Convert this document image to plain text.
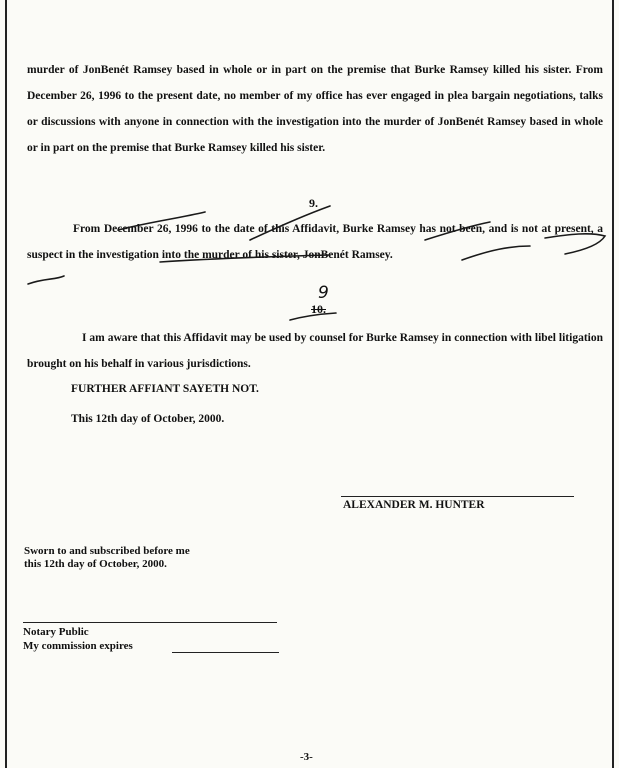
murder of JonBenét Ramsey based in whole or in part on the premise that Burke Ramsey killed his sister. From December 26, 1996 to the present date, no member of my office has ever engaged in plea bargain negotiations, talks or discussions with anyone in connection with the investigation into the murder of JonBenét Ramsey based in whole or in part on the premise that Burke Ramsey killed his sister.

9.

From December 26, 1996 to the date of this Affidavit, Burke Ramsey has not been, and is not at present, a suspect in the investigation into the murder of his sister, JonBenét Ramsey.

10.
9

I am aware that this Affidavit may be used by counsel for Burke Ramsey in connection with libel litigation brought on his behalf in various jurisdictions.

FURTHER AFFIANT SAYETH NOT.

This 12th day of October, 2000.

ALEXANDER M. HUNTER

Sworn to and subscribed before me
this 12th day of October, 2000.

Notary Public
My commission expires

-3-
